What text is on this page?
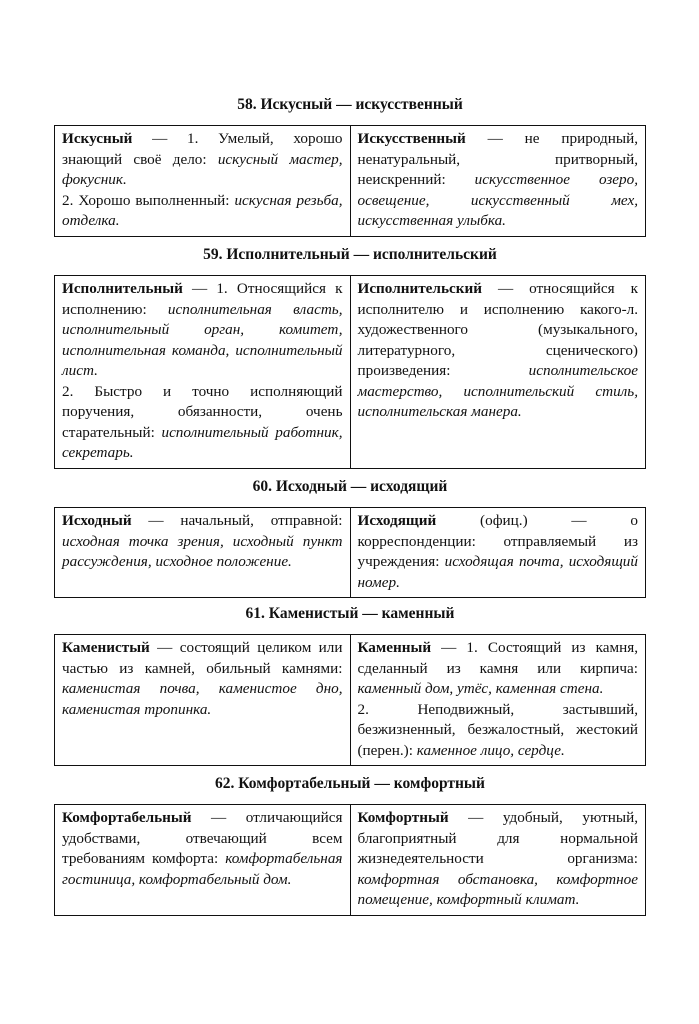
58. Искусный — искусственный
Искусный — 1. Умелый, хорошо знающий своё дело: искусный мастер, фокусник.
2. Хорошо выполненный: искусная резьба, отделка.
	Искусственный — не природный, ненатуральный, притворный, неискренний: искусственное озеро, освещение, искусственный мех, искусственная улыбка.
59. Исполнительный — исполнительский
Исполнительный — 1. Относящийся к исполнению: исполнительная власть, исполнительный орган, комитет, исполнительная команда, исполнительный лист.
2. Быстро и точно исполняющий поручения, обязанности, очень старательный: исполнительный работник, секретарь.
	Исполнительский — относящийся к исполнителю и исполнению какого-л. художественного (музыкального, литературного, сценического) произведения: исполнительское мастерство, исполнительский стиль, исполнительская манера.
60. Исходный — исходящий
Исходный — начальный, отправной: исходная точка зрения, исходный пункт рассуждения, исходное положение.	Исходящий (офиц.) — о корреспонденции: отправляемый из учреждения: исходящая почта, исходящий номер.
61. Каменистый — каменный
Каменистый — состоящий целиком или частью из камней, обильный камнями: каменистая почва, каменистое дно, каменистая тропинка.	Каменный — 1. Состоящий из камня, сделанный из камня или кирпича: каменный дом, утёс, каменная стена.
2. Неподвижный, застывший, безжизненный, безжалостный, жестокий (перен.): каменное лицо, сердце.
62. Комфортабельный — комфортный
Комфортабельный — отличающийся удобствами, отвечающий всем требованиям комфорта: комфортабельная гостиница, комфортабельный дом.	Комфортный — удобный, уютный, благоприятный для нормальной жизнедеятельности организма: комфортная обстановка, комфортное помещение, комфортный климат.
